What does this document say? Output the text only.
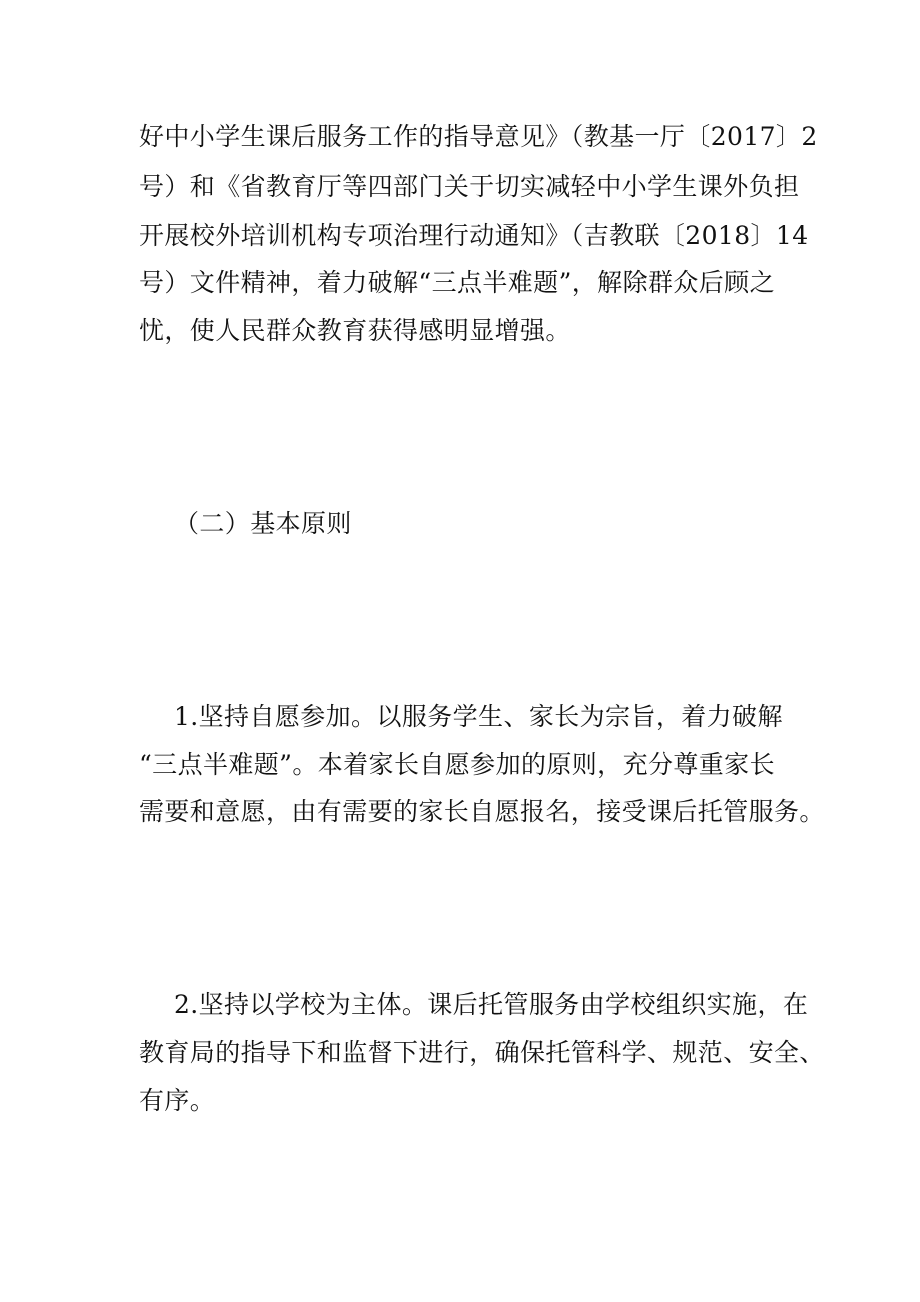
好中小学生课后服务工作的指导意见》（教基一厅〔2017〕2
号）和《省教育厅等四部门关于切实减轻中小学生课外负担
开展校外培训机构专项治理行动通知》（吉教联〔2018〕14
号）文件精神，着力破解“三点半难题”，解除群众后顾之
忧，使人民群众教育获得感明显增强。
（二）基本原则
1.坚持自愿参加。以服务学生、家长为宗旨，着力破解
“三点半难题”。本着家长自愿参加的原则，充分尊重家长
需要和意愿，由有需要的家长自愿报名，接受课后托管服务。
2.坚持以学校为主体。课后托管服务由学校组织实施，在
教育局的指导下和监督下进行，确保托管科学、规范、安全、
有序。
